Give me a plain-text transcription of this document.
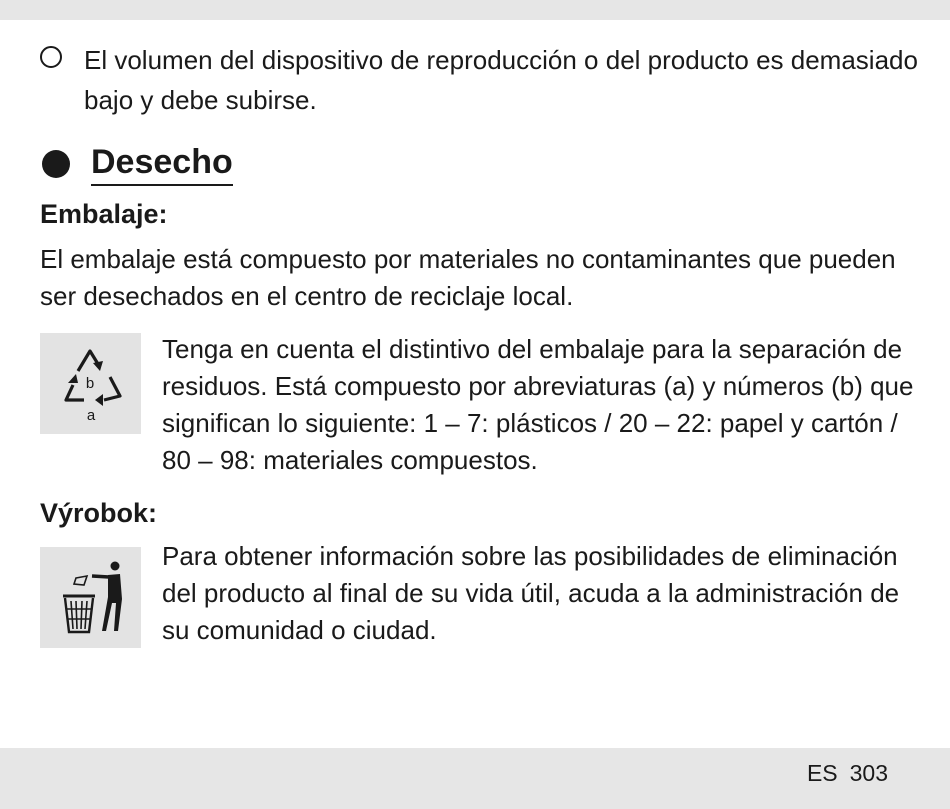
El volumen del dispositivo de reproducción o del producto es demasiado bajo y debe subirse.
Desecho
Embalaje:
El embalaje está compuesto por materiales no contaminantes que pueden ser desechados en el centro de reciclaje local.
b
a
Tenga en cuenta el distintivo del embalaje para la separación de residuos. Está compuesto por abreviaturas (a) y números (b) que significan lo siguiente: 1 – 7: plásticos / 20 – 22: papel y cartón / 80 – 98: materiales compuestos.
Výrobok:
Para obtener información sobre las posibilidades de eliminación del producto al final de su vida útil, acuda a la administración de su comunidad o ciudad.
ES 303
